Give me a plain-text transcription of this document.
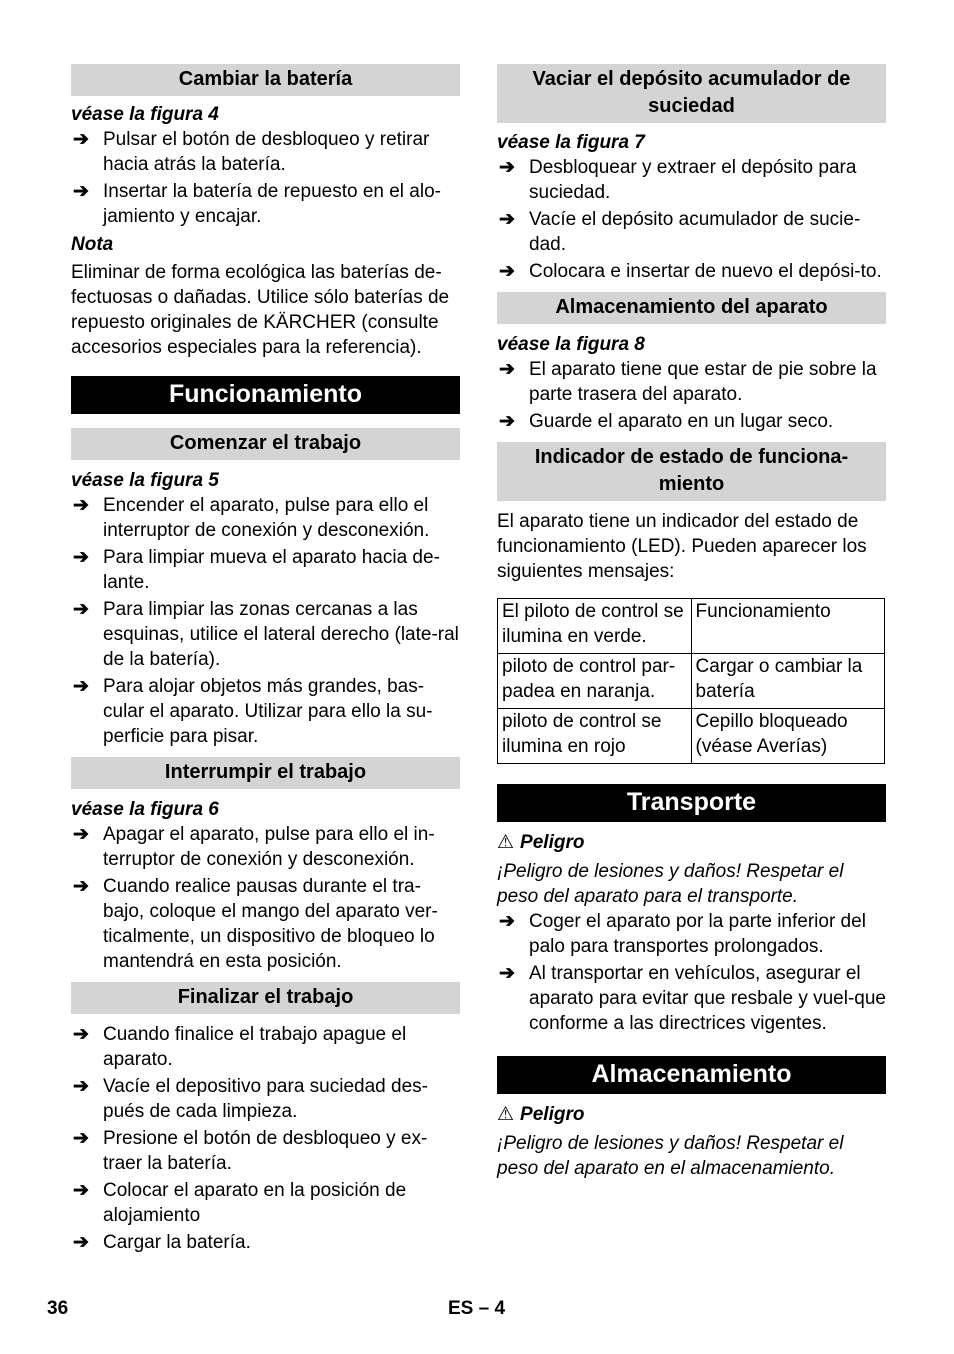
Cambiar la batería

véase la figura 4

➔ Pulsar el botón de desbloqueo y retirar hacia atrás la batería.
➔ Insertar la batería de repuesto en el alo-jamiento y encajar.

Nota

Eliminar de forma ecológica las baterías de-fectuosas o dañadas. Utilice sólo baterías de repuesto originales de KÄRCHER (consulte accesorios especiales para la referencia).

Funcionamiento
Comenzar el trabajo

véase la figura 5

➔ Encender el aparato, pulse para ello el interruptor de conexión y desconexión.
➔ Para limpiar mueva el aparato hacia de-lante.
➔ Para limpiar las zonas cercanas a las esquinas, utilice el lateral derecho (late-ral de la batería).
➔ Para alojar objetos más grandes, bas-cular el aparato. Utilizar para ello la su-perficie para pisar.
Interrumpir el trabajo

véase la figura 6

➔ Apagar el aparato, pulse para ello el in-terruptor de conexión y desconexión.
➔ Cuando realice pausas durante el tra-bajo, coloque el mango del aparato ver-ticalmente, un dispositivo de bloqueo lo mantendrá en esta posición.
Finalizar el trabajo
➔ Cuando finalice el trabajo apague el aparato.
➔ Vacíe el depositivo para suciedad des-pués de cada limpieza.
➔ Presione el botón de desbloqueo y ex-traer la batería.
➔ Colocar el aparato en la posición de alojamiento
➔ Cargar la batería.
Vaciar el depósito acumulador de suciedad

véase la figura 7

➔ Desbloquear y extraer el depósito para suciedad.
➔ Vacíe el depósito acumulador de sucie-dad.
➔ Colocara e insertar de nuevo el depósi-to.
Almacenamiento del aparato

véase la figura 8

➔ El aparato tiene que estar de pie sobre la parte trasera del aparato.
➔ Guarde el aparato en un lugar seco.
Indicador de estado de funciona-miento

El aparato tiene un indicador del estado de funcionamiento (LED). Pueden aparecer los siguientes mensajes:

El piloto de control se ilumina en verde.	Funcionamiento
piloto de control par-padea en naranja.	Cargar o cambiar la batería
piloto de control se ilumina en rojo	Cepillo bloqueado (véase Averías)
Transporte
⚠ Peligro

¡Peligro de lesiones y daños! Respetar el peso del aparato para el transporte.

➔ Coger el aparato por la parte inferior del palo para transportes prolongados.
➔ Al transportar en vehículos, asegurar el aparato para evitar que resbale y vuel-que conforme a las directrices vigentes.
Almacenamiento
⚠ Peligro

¡Peligro de lesiones y daños! Respetar el peso del aparato en el almacenamiento.

36	ES – 4
